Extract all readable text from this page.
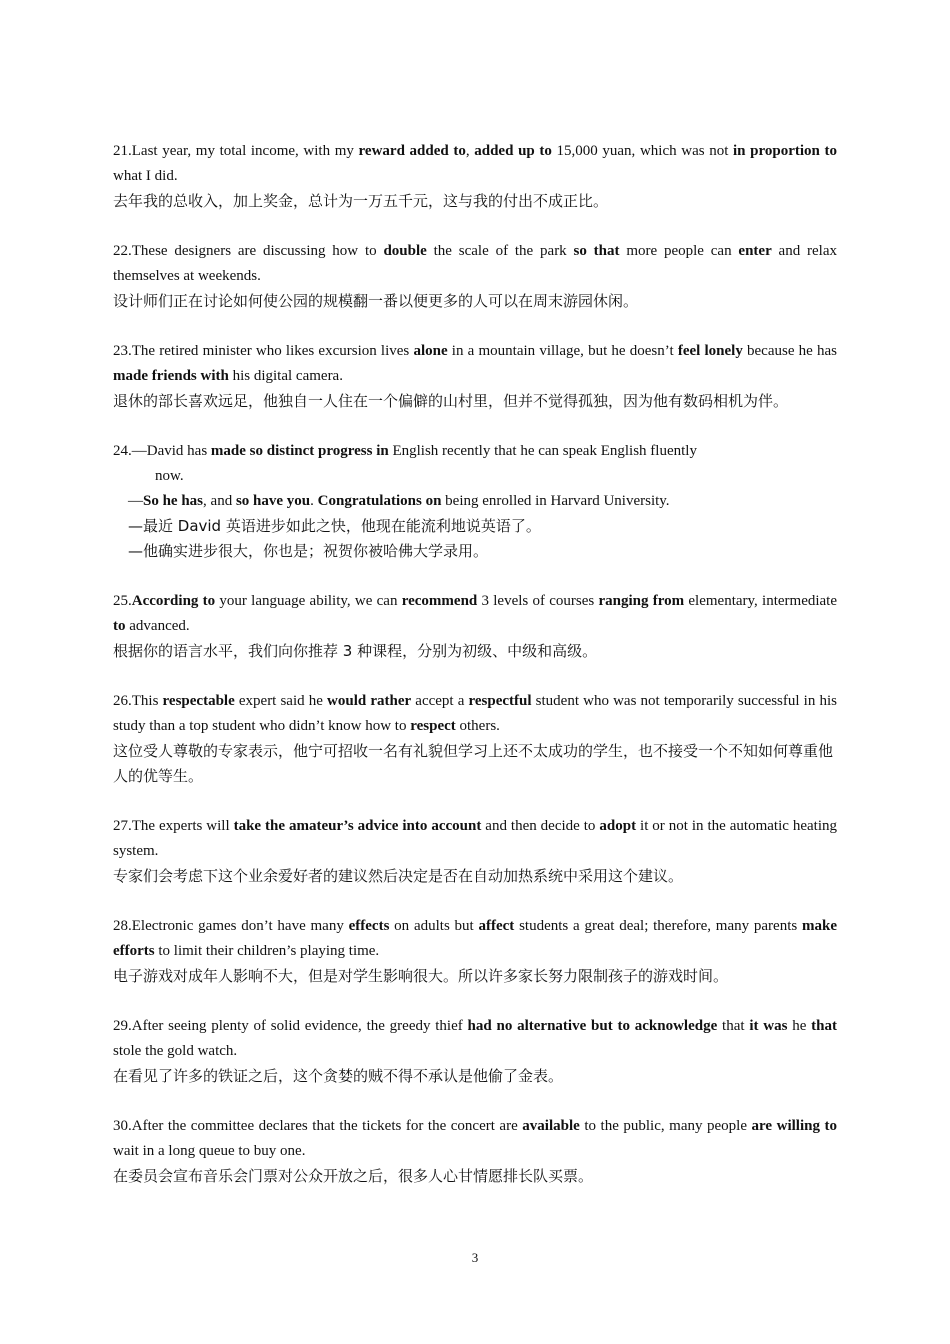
21.Last year, my total income, with my reward added to, added up to 15,000 yuan, which was not in proportion to what I did.
去年我的总收入，加上奖金，总计为一万五千元，这与我的付出不成正比。
22.These designers are discussing how to double the scale of the park so that more people can enter and relax themselves at weekends.
设计师们正在讨论如何使公园的规模翻一番以便更多的人可以在周末游园休闲。
23.The retired minister who likes excursion lives alone in a mountain village, but he doesn’t feel lonely because he has made friends with his digital camera.
退休的部长喜欢远足，他独自一人住在一个偏僻的山村里，但并不觉得孤独，因为他有数码相机为伴。
24.—David has made so distinct progress in English recently that he can speak English fluently
now.
—So he has, and so have you. Congratulations on being enrolled in Harvard University.
—最近 David 英语进步如此之快，他现在能流利地说英语了。
—他确实进步很大，你也是；祝贺你被哈佛大学录用。
25.According to your language ability, we can recommend 3 levels of courses ranging from elementary, intermediate to advanced.
根据你的语言水平，我们向你推荐 3 种课程，分别为初级、中级和高级。
26.This respectable expert said he would rather accept a respectful student who was not temporarily successful in his study than a top student who didn’t know how to respect others.
这位受人尊敬的专家表示，他宁可招收一名有礼貌但学习上还不太成功的学生，也不接受一个不知如何尊重他人的优等生。
27.The experts will take the amateur’s advice into account and then decide to adopt it or not in the automatic heating system.
专家们会考虑下这个业余爱好者的建议然后决定是否在自动加热系统中采用这个建议。
28.Electronic games don’t have many effects on adults but affect students a great deal; therefore, many parents make efforts to limit their children’s playing time.
电子游戏对成年人影响不大，但是对学生影响很大。所以许多家长努力限制孩子的游戏时间。
29.After seeing plenty of solid evidence, the greedy thief had no alternative but to acknowledge that it was he that stole the gold watch.
在看见了许多的铁证之后，这个贪婪的贼不得不承认是他偷了金表。
30.After the committee declares that the tickets for the concert are available to the public, many people are willing to wait in a long queue to buy one.
在委员会宣布音乐会门票对公众开放之后，很多人心甘情愿排长队买票。
3
